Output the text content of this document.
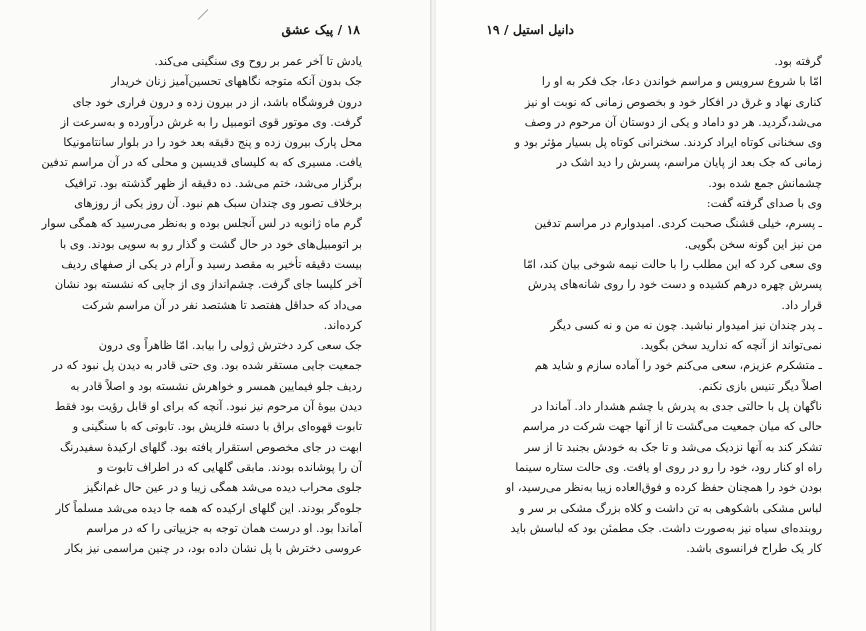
۱۸ / پیک عشق
یادش تا آخر عمر بر روح وی سنگینی می‌کند.
جک بدون آنکه متوجه نگاههای تحسین‌آمیز زنان خریدار
درون فروشگاه باشد، از در بیرون زده و درون فراری خود جای
گرفت. وی موتور قوی اتومبیل را به غرش درآورده و به‌سرعت از
محل پارک بیرون زده و پنج دقیقه بعد خود را در بلوار سانتامونیکا
یافت. مسیری که به کلیسای قدیسین و محلی که در آن مراسم تدفین
برگزار می‌شد، ختم می‌شد. ده دقیقه از ظهر گذشته بود. ترافیک
برخلاف تصور وی چندان سبک هم نبود. آن روز یکی از روزهای
گرم ماه ژانویه در لس آنجلس بوده و به‌نظر می‌رسید که همگی سوار
بر اتومبیل‌های خود در حال گشت و گذار رو به سویی بودند. وی با
بیست دقیقه تأخیر به مقصد رسید و آرام در یکی از صفهای ردیف
آخر کلیسا جای گرفت. چشم‌انداز وی از جایی که نشسته بود نشان
می‌داد که حداقل هفتصد تا هشتصد نفر در آن مراسم شرکت
کرده‌اند.
جک سعی کرد دخترش ژولی را بیابد. امّا ظاهراً وی درون
جمعیت جایی مستقر شده بود. وی حتی قادر به دیدن پل نبود که در
ردیف جلو فیمایین همسر و خواهرش نشسته بود و اصلاً قادر به
دیدن بیوهٔ آن مرحوم نیز نبود. آنچه که برای او قابل رؤیت بود فقط
تابوت قهوه‌ای براق با دسته فلزیش بود. تابوتی که با سنگینی و
ابهت در جای مخصوص استقرار یافته بود. گلهای ارکیدهٔ سفیدرنگ
آن را پوشانده بودند. مابقی گلهایی که در اطراف تابوت و
جلوی محراب دیده می‌شد همگی زیبا و در عین حال غم‌انگیز
جلوه‌گر بودند. این گلهای ارکیده که همه جا دیده می‌شد مسلماً کار
آماندا بود. او درست همان توجه به جزییاتی را که در مراسم
عروسی دخترش با پل نشان داده بود، در چنین مراسمی نیز بکار
دانیل استیل / ۱۹
گرفته بود.
امّا با شروع سرویس و مراسم خواندن دعا، جک فکر به او را
کناری نهاد و غرق در افکار خود و بخصوص زمانی که نوبت او نیز
می‌شد،گردید. هر دو داماد و یکی از دوستان آن مرحوم در وصف
وی سخنانی کوتاه ایراد کردند. سخنرانی کوتاه پل بسیار مؤثر بود و
زمانی که جک بعد از پایان مراسم، پسرش را دید اشک در
چشمانش جمع شده بود.
وی با صدای گرفته گفت:
ـ پسرم، خیلی قشنگ صحبت کردی. امیدوارم در مراسم تدفین
من نیز این گونه سخن بگویی.
وی سعی کرد که این مطلب را با حالت نیمه شوخی بیان کند، امّا
پسرش چهره درهم کشیده و دست خود را روی شانه‌های پدرش
قرار داد.
ـ پدر چندان نیز امیدوار نباشید. چون نه من و نه کسی دیگر
نمی‌تواند از آنچه که ندارید سخن بگوید.
ـ متشکرم عزیزم، سعی می‌کنم خود را آماده سازم و شاید هم
اصلاً دیگر تنیس بازی نکنم.
ناگهان پل با حالتی جدی به پدرش با چشم هشدار داد. آماندا در
حالی که میان جمعیت می‌گشت تا از آنها جهت شرکت در مراسم
تشکر کند به آنها نزدیک می‌شد و تا جک به خودش بجنبد تا از سر
راه او کنار رود، خود را رو در روی او یافت. وی حالت ستاره سینما
بودن خود را همچنان حفظ کرده و فوق‌العاده زیبا به‌نظر می‌رسید، او
لباس مشکی باشکوهی به تن داشت و کلاه بزرگ مشکی بر سر و
روبنده‌ای سیاه نیز به‌صورت داشت. جک مطمئن بود که لباسش باید
کار یک طراح فرانسوی باشد.
